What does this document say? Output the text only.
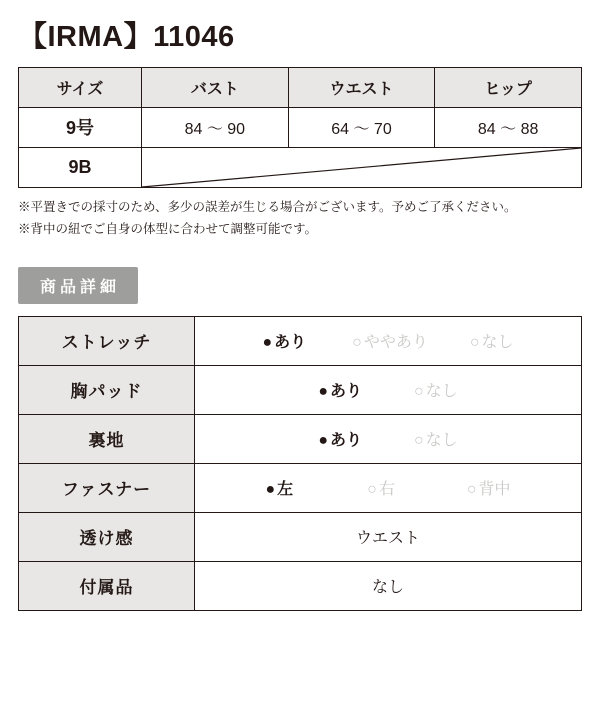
【IRMA】11046
サイズ	バスト	ウエスト	ヒップ
9号	84 〜 90	64 〜 70	84 〜 88
9B	
※平置きでの採寸のため、多少の誤差が生じる場合がございます。予めご了承ください。
※背中の紐でご自身の体型に合わせて調整可能です。
商品詳細
ストレッチ	● あり ○ ややあり ○ なし

胸パッド	● あり ○ なし

裏地	● あり ○ なし

ファスナー	● 左 ○ 右 ○ 背中

透け感	ウエスト
付属品	なし
